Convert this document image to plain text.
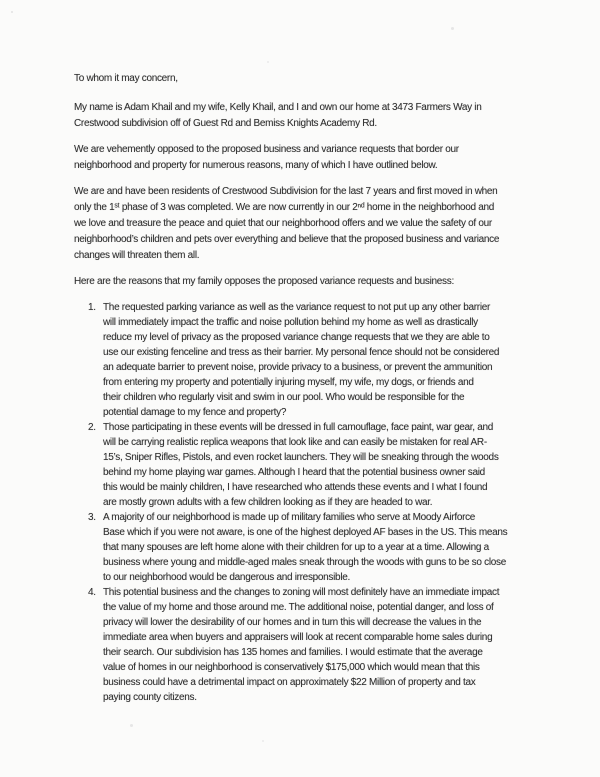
To whom it may concern,

My name is Adam Khail and my wife, Kelly Khail, and I and own our home at 3473 Farmers Way in
Crestwood subdivision off of Guest Rd and Bemiss Knights Academy Rd.

We are vehemently opposed to the proposed business and variance requests that border our
neighborhood and property for numerous reasons, many of which I have outlined below.

We are and have been residents of Crestwood Subdivision for the last 7 years and first moved in when
only the 1ˢᵗ phase of 3 was completed. We are now currently in our 2ⁿᵈ home in the neighborhood and
we love and treasure the peace and quiet that our neighborhood offers and we value the safety of our
neighborhood’s children and pets over everything and believe that the proposed business and variance
changes will threaten them all.

Here are the reasons that my family opposes the proposed variance requests and business:

1. The requested parking variance as well as the variance request to not put up any other barrier
will immediately impact the traffic and noise pollution behind my home as well as drastically
reduce my level of privacy as the proposed variance change requests that we they are able to
use our existing fenceline and tress as their barrier. My personal fence should not be considered
an adequate barrier to prevent noise, provide privacy to a business, or prevent the ammunition
from entering my property and potentially injuring myself, my wife, my dogs, or friends and
their children who regularly visit and swim in our pool. Who would be responsible for the
potential damage to my fence and property?
2. Those participating in these events will be dressed in full camouflage, face paint, war gear, and
will be carrying realistic replica weapons that look like and can easily be mistaken for real AR-
15’s, Sniper Rifles, Pistols, and even rocket launchers. They will be sneaking through the woods
behind my home playing war games. Although I heard that the potential business owner said
this would be mainly children, I have researched who attends these events and I what I found
are mostly grown adults with a few children looking as if they are headed to war.
3. A majority of our neighborhood is made up of military families who serve at Moody Airforce
Base which if you were not aware, is one of the highest deployed AF bases in the US. This means
that many spouses are left home alone with their children for up to a year at a time. Allowing a
business where young and middle-aged males sneak through the woods with guns to be so close
to our neighborhood would be dangerous and irresponsible.
4. This potential business and the changes to zoning will most definitely have an immediate impact
the value of my home and those around me. The additional noise, potential danger, and loss of
privacy will lower the desirability of our homes and in turn this will decrease the values in the
immediate area when buyers and appraisers will look at recent comparable home sales during
their search. Our subdivision has 135 homes and families. I would estimate that the average
value of homes in our neighborhood is conservatively $175,000 which would mean that this
business could have a detrimental impact on approximately $22 Million of property and tax
paying county citizens.
